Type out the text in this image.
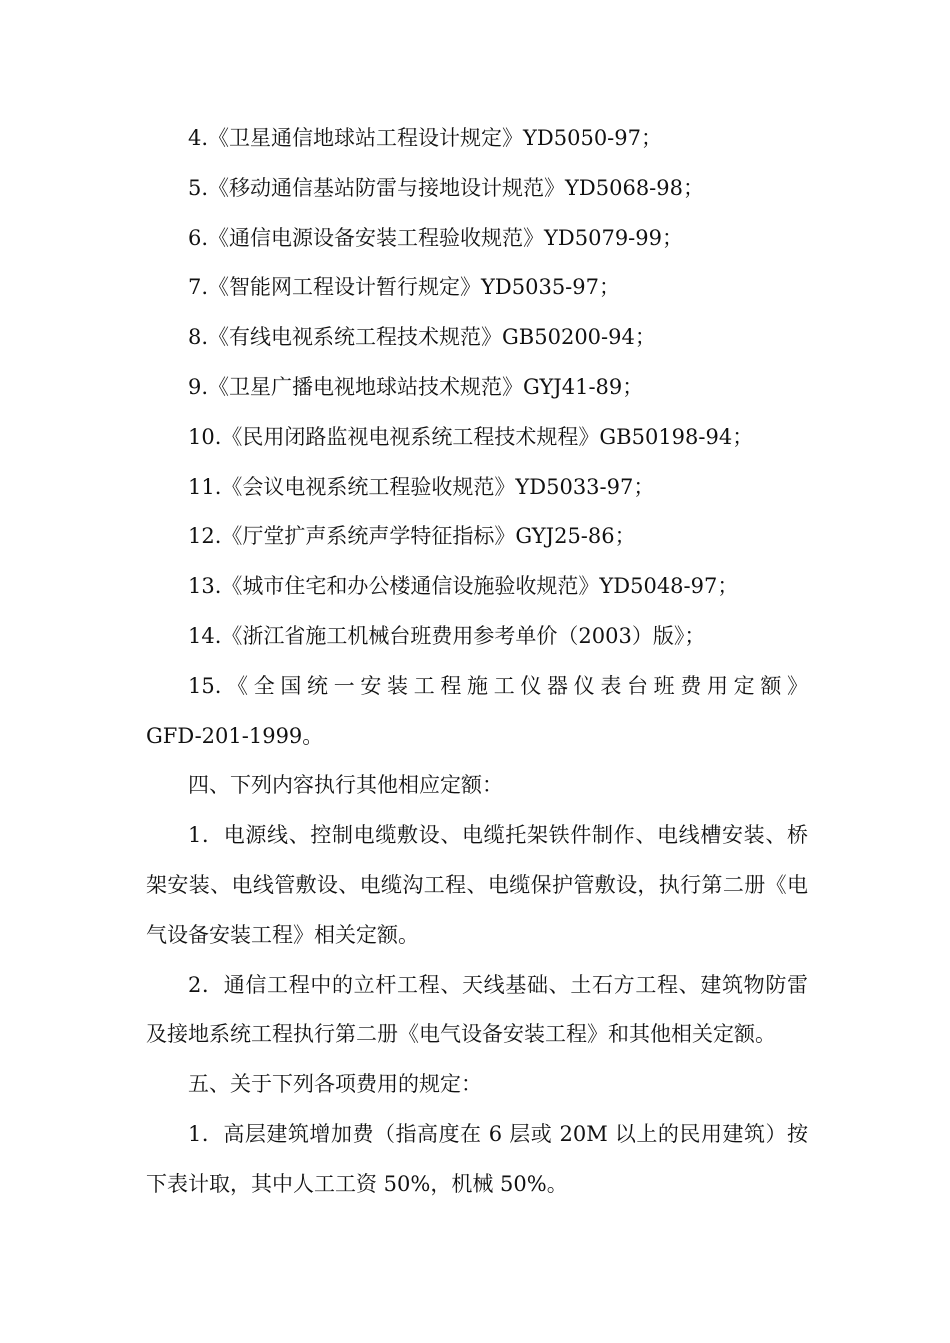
4.《卫星通信地球站工程设计规定》YD5050-97；

5.《移动通信基站防雷与接地设计规范》YD5068-98；

6.《通信电源设备安装工程验收规范》YD5079-99；

7.《智能网工程设计暂行规定》YD5035-97；

8.《有线电视系统工程技术规范》GB50200-94；

9.《卫星广播电视地球站技术规范》GYJ41-89；

10.《民用闭路监视电视系统工程技术规程》GB50198-94；

11.《会议电视系统工程验收规范》YD5033-97；

12.《厅堂扩声系统声学特征指标》GYJ25-86；

13.《城市住宅和办公楼通信设施验收规范》YD5048-97；

14.《浙江省施工机械台班费用参考单价（2003）版》；

15.《全国统一安装工程施工仪器仪表台班费用定额》

GFD-201-1999。

四、下列内容执行其他相应定额：

1．电源线、控制电缆敷设、电缆托架铁件制作、电线槽安装、桥架安装、电线管敷设、电缆沟工程、电缆保护管敷设，执行第二册《电气设备安装工程》相关定额。

2．通信工程中的立杆工程、天线基础、土石方工程、建筑物防雷及接地系统工程执行第二册《电气设备安装工程》和其他相关定额。

五、关于下列各项费用的规定：

1．高层建筑增加费（指高度在 6 层或 20M 以上的民用建筑）按下表计取，其中人工工资 50%，机械 50%。
